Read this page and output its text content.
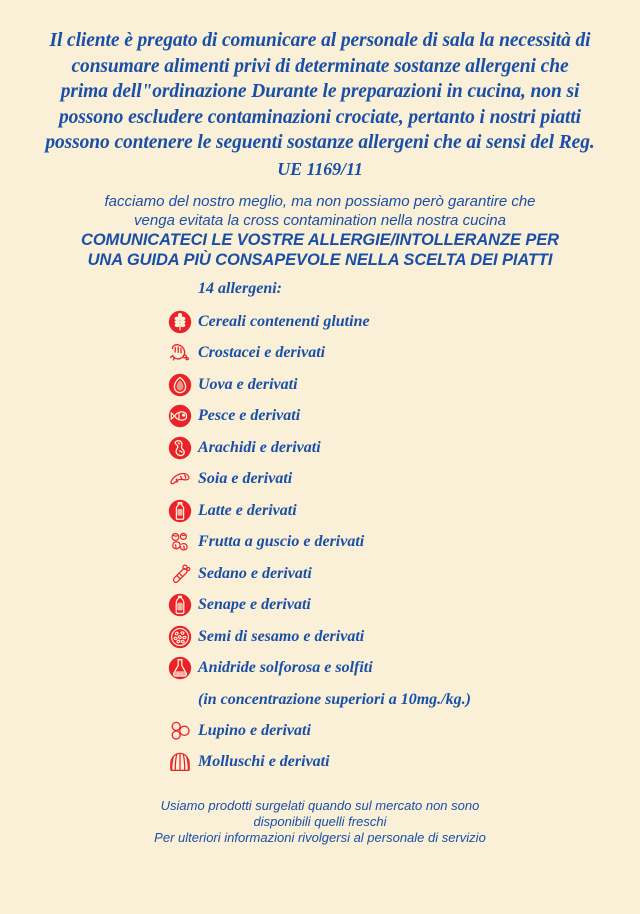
Il cliente è pregato di comunicare al personale di sala la necessità di
consumare alimenti privi di determinate sostanze allergeni che
prima dell"ordinazione Durante le preparazioni in cucina, non si
possono escludere contaminazioni crociate, pertanto i nostri piatti
possono contenere le seguenti sostanze allergeni che ai sensi del Reg.
UE 1169/11
facciamo del nostro meglio, ma non possiamo però garantire che
venga evitata la cross contamination nella nostra cucina
COMUNICATECI LE VOSTRE ALLERGIE/INTOLLERANZE PER
UNA GUIDA PIÙ CONSAPEVOLE NELLA SCELTA DEI PIATTI
14 allergeni:
Cereali contenenti glutine
Crostacei e derivati
Uova e derivati
Pesce e derivati
Arachidi e derivati
Soia e derivati
Latte e derivati
Frutta a guscio e derivati
Sedano e derivati
Senape e derivati
Semi di sesamo e derivati
Anidride solforosa e solfiti
(in concentrazione superiori a 10mg./kg.)
Lupino e derivati
Molluschi e derivati
Usiamo prodotti surgelati quando sul mercato non sono
disponibili quelli freschi
Per ulteriori informazioni rivolgersi al personale di servizio
